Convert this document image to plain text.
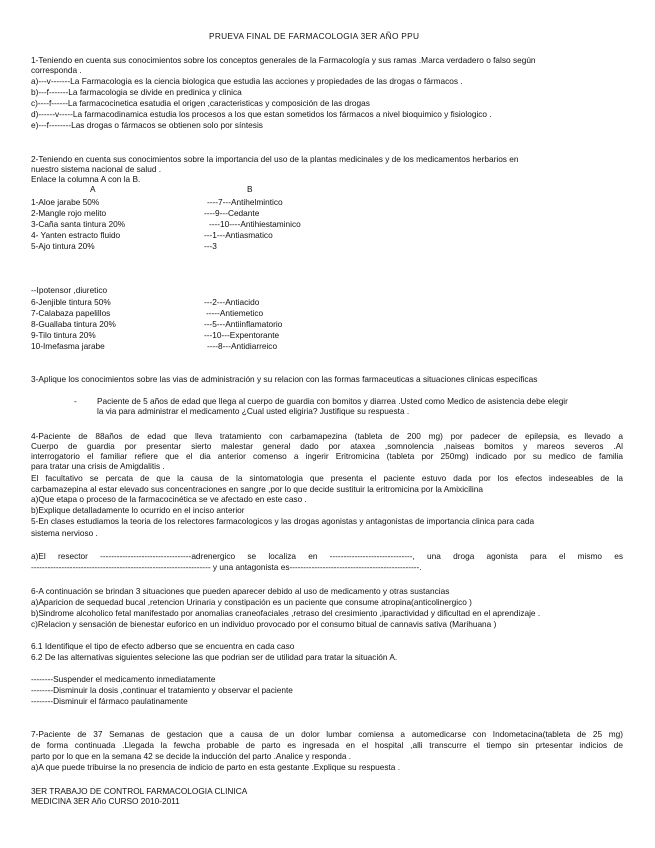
PRUEVA FINAL DE FARMACOLOGIA 3ER AÑO PPU
1-Teniendo en cuenta sus conocimientos sobre los conceptos generales de la Farmacología y sus ramas .Marca verdadero o falso según
corresponda .
a)---v-------La Farmacologia es la ciencia biologica que estudia las acciones y propiedades de las drogas o fármacos .
b)---f-------La farmacologia se divide en predinica y clinica
c)----f------La farmacocinetica esatudia el origen ,caracteristicas y composición de las drogas
d)------v-----La farmacodinamica estudia los procesos a los que estan sometidos los fármacos a nivel bioquimico y fisiologico .
e)---f--------Las drogas o fármacos se obtienen solo por síntesis
2-Teniendo en cuenta sus conocimientos sobre la importancia del uso de la plantas medicinales y de los medicamentos herbarios en
nuestro sistema nacional de salud .
Enlace la columna A con la B.
A	B
1-Aloe jarabe 50%	----7---Antihelmintico
2-Mangle rojo melito	----9---Cedante
3-Caña santa tintura 20%	----10----Antihiestaminico
4- Yanten estracto fluido	---1---Antiasmatico
5-Ajo tintura 20%	---3
--Ipotensor ,diuretico
6-Jenjible tintura 50%	---2---Antiacido
7-Calabaza papelillos	-----Antiemetico
8-Guallaba tintura 20%	---5---Antiinflamatorio
9-Tilo tintura 20%	---10---Expentorante
10-Imefasma jarabe	----8---Antidiarreico
3-Aplique los conocimientos sobre las vias de administración y su relacion con las formas farmaceuticas a situaciones clinicas especificas
- Paciente de 5 años de edad que llega al cuerpo de guardia con bomitos y diarrea .Usted como Medico de asistencia debe elegir
la via para administrar el medicamento ¿Cual usted eligiria? Justifique su respuesta .
4-Paciente de 88años de edad que lleva tratamiento con carbamapezina (tableta de 200 mg) por padecer de epilepsia, es llevado a
Cuerpo de guardia por presentar sierto malestar general dado por ataxea ,somnolencia ,naiseas bomitos y mareos severos .Al
interrogatorio el familiar refiere que el dia anterior comenso a ingerir Eritromicina (tableta por 250mg) indicado por su medico de familia
para tratar una crisis de Amigdalitis .
El facultativo se percata de que la causa de la sintomatologia que presenta el paciente estuvo dada por los efectos indeseables de la
carbamazepina al estar elevado sus concentraciones en sangre ,por lo que decide sustituir la eritromicina por la Amixicilina
a)Que etapa o proceso de la farmacocinética se ve afectado en este caso .
b)Explique detalladamente lo ocurrido en el inciso anterior
5-En clases estudiamos la teoria de los relectores farmacologicos y las drogas agonistas y antagonistas de importancia clinica para cada
sistema nervioso .
a)El resector ---------------------------------adrenergico se localiza en ------------------------------, una droga agonista para el mismo es
----------------------------------------------------------------- y una antagonista es-----------------------------------------------.
6-A continuación se brindan 3 situaciones que pueden aparecer debido al uso de medicamento y otras sustancias
a)Aparicion de sequedad bucal ,retencion Urinaria y constipación es un paciente que consume atropina(anticolinergico )
b)Sindrome alcoholico fetal manifestado por anomalias craneofaciales ,retraso del cresimiento ,iparactividad y dificultad en el aprendizaje .
c)Relacion y sensación de bienestar euforico en un individuo provocado por el consumo bitual de cannavis sativa (Marihuana )
6.1 Identifique el tipo de efecto adberso que se encuentra en cada caso
6.2 De las alternativas siguientes selecione las que podrian ser de utilidad para tratar la situación A.
--------Suspender el medicamento inmediatamente
--------Disminuir la dosis ,continuar el tratamiento y observar el paciente
--------Disminuir el fármaco paulatinamente
7-Paciente de 37 Semanas de gestacion que a causa de un dolor lumbar comiensa a automedicarse con Indometacina(tableta de 25 mg)
de forma continuada .Llegada la fewcha probable de parto es ingresada en el hospital ,alli transcurre el tiempo sin prtesentar indicios de
parto por lo que en la semana 42 se decide la inducción del parto .Analice y responda .
a)A que puede tribuirse la no presencia de indicio de parto en esta gestante .Explique su respuesta .
3ER TRABAJO DE CONTROL FARMACOLOGIA CLINICA
MEDICINA 3ER Año CURSO 2010-2011
